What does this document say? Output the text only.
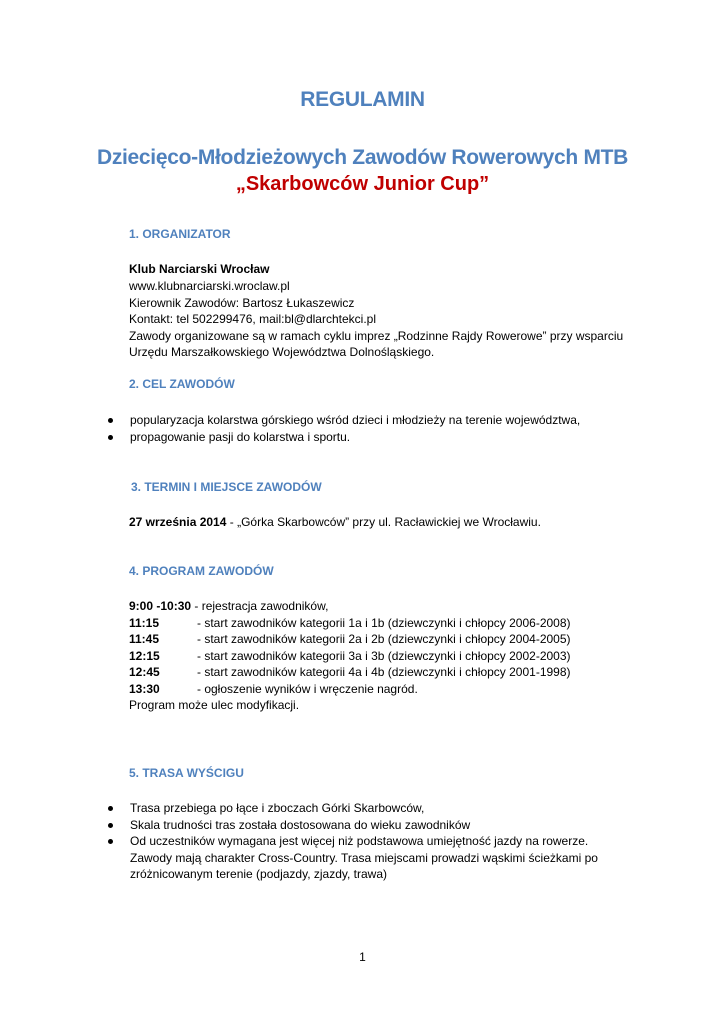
REGULAMIN
Dziecięco-Młodzieżowych Zawodów Rowerowych MTB
„Skarbowców Junior Cup”
1. ORGANIZATOR
Klub Narciarski Wrocław
www.klubnarciarski.wroclaw.pl
Kierownik Zawodów: Bartosz Łukaszewicz
Kontakt: tel 502299476, mail:bl@dlarchtekci.pl
Zawody organizowane są w ramach cyklu imprez „Rodzinne Rajdy Rowerowe” przy wsparciu
Urzędu Marszałkowskiego Województwa Dolnośląskiego.
2. CEL ZAWODÓW
popularyzacja kolarstwa górskiego wśród dzieci i młodzieży na terenie województwa,
propagowanie pasji do kolarstwa i sportu.
3. TERMIN I MIEJSCE ZAWODÓW
27 września 2014 - „Górka Skarbowców” przy ul. Racławickiej we Wrocławiu.
4. PROGRAM ZAWODÓW
9:00 -10:30 - rejestracja zawodników,
11:15	- start zawodników kategorii 1a i 1b (dziewczynki i chłopcy 2006-2008)
11:45	- start zawodników kategorii 2a i 2b (dziewczynki i chłopcy 2004-2005)
12:15	- start zawodników kategorii 3a i 3b (dziewczynki i chłopcy 2002-2003)
12:45	- start zawodników kategorii 4a i 4b (dziewczynki i chłopcy 2001-1998)
13:30	- ogłoszenie wyników i wręczenie nagród.
Program może ulec modyfikacji.
5. TRASA WYŚCIGU
Trasa przebiega po łące i zboczach Górki Skarbowców,
Skala trudności tras została dostosowana do wieku zawodników
Od uczestników wymagana jest więcej niż podstawowa umiejętność jazdy na rowerze.
Zawody mają charakter Cross-Country. Trasa miejscami prowadzi wąskimi ścieżkami po
zróżnicowanym terenie (podjazdy, zjazdy, trawa)
1
